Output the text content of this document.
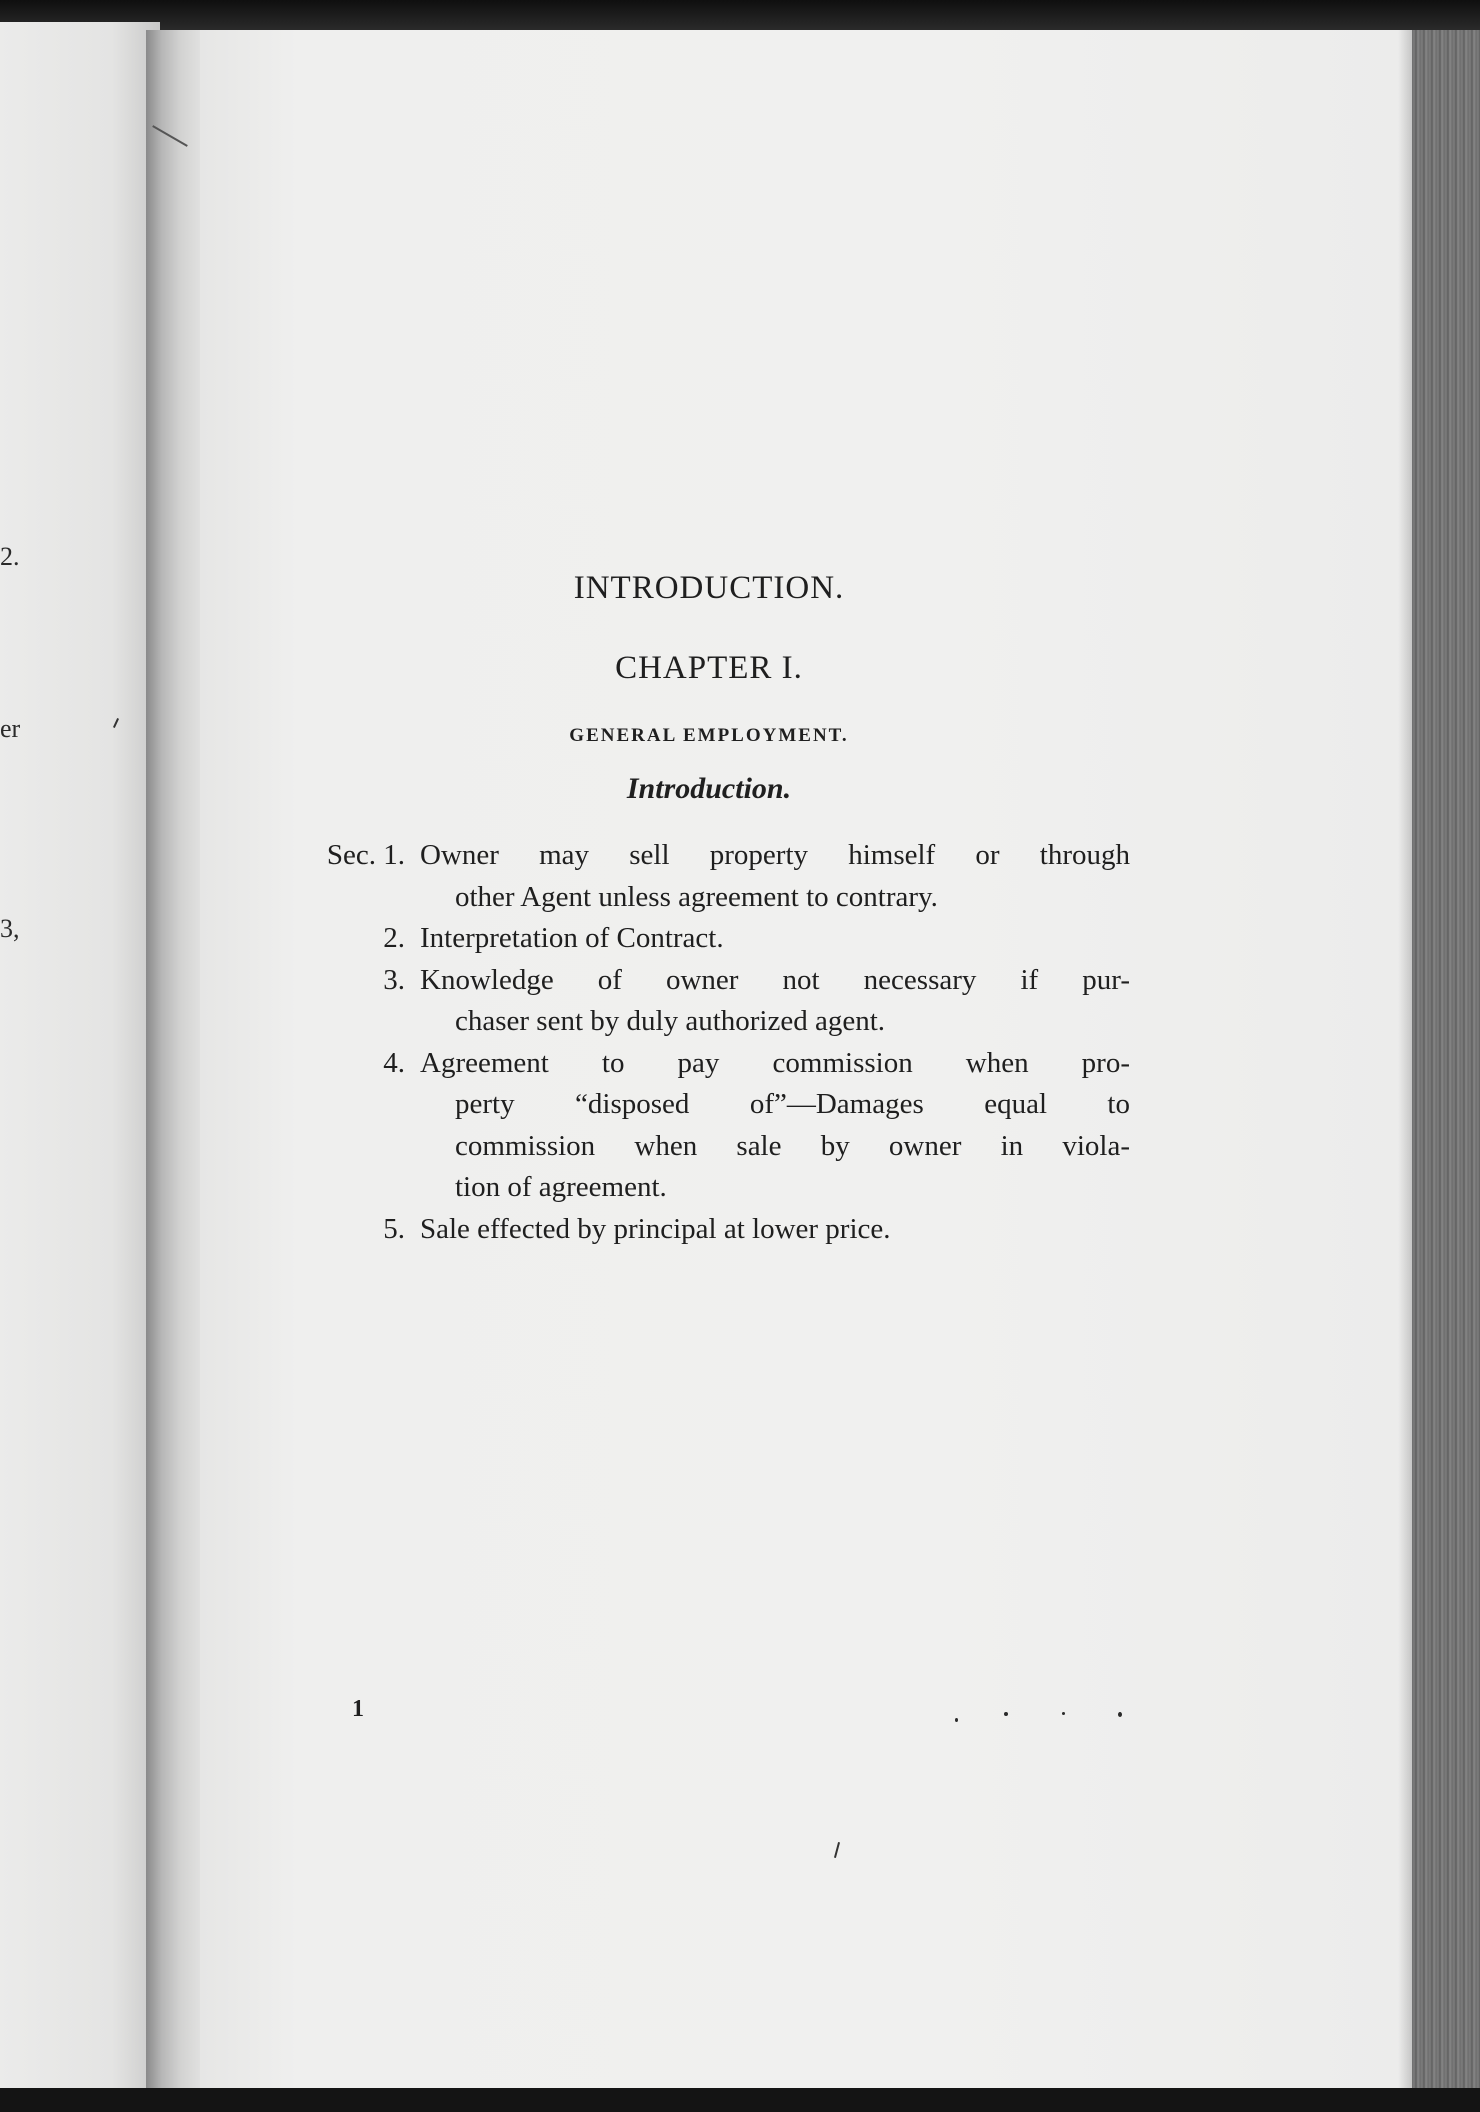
2.
er
3,
INTRODUCTION.
CHAPTER I.
GENERAL EMPLOYMENT.
Introduction.
Sec. 1. Owner may sell property himself or through
other Agent unless agreement to contrary.
2. Interpretation of Contract.
3. Knowledge of owner not necessary if pur-
chaser sent by duly authorized agent.
4. Agreement to pay commission when pro-
perty “disposed of”—Damages equal to
commission when sale by owner in viola-
tion of agreement.
5. Sale effected by principal at lower price.
1
